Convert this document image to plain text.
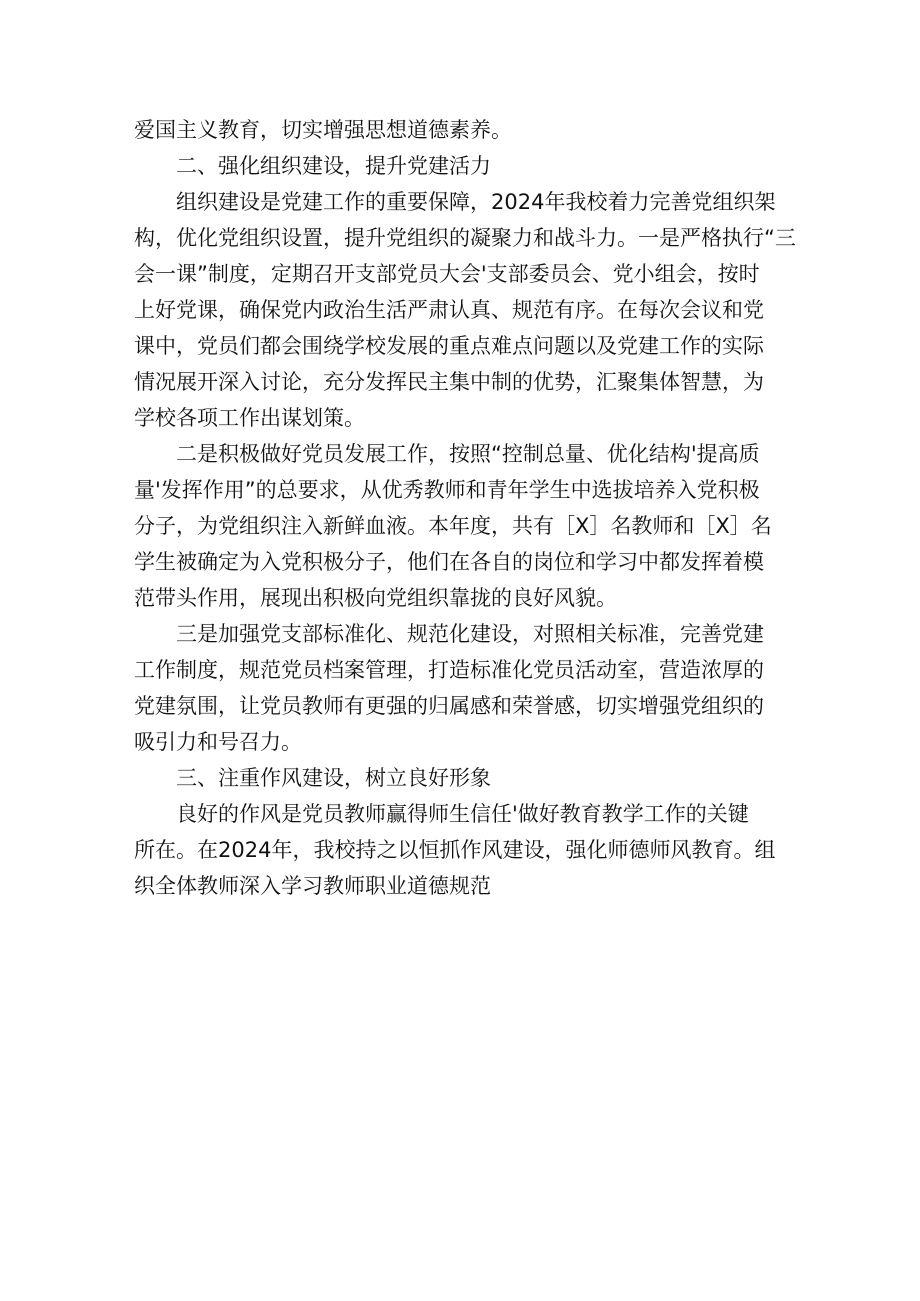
爱国主义教育，切实增强思想道德素养。

二、强化组织建设，提升党建活力

组织建设是党建工作的重要保障，2024年我校着力完善党组织架
构，优化党组织设置，提升党组织的凝聚力和战斗力。一是严格执行“三
会一课”制度，定期召开支部党员大会'支部委员会、党小组会，按时
上好党课，确保党内政治生活严肃认真、规范有序。在每次会议和党
课中，党员们都会围绕学校发展的重点难点问题以及党建工作的实际
情况展开深入讨论，充分发挥民主集中制的优势，汇聚集体智慧，为
学校各项工作出谋划策。

二是积极做好党员发展工作，按照“控制总量、优化结构'提高质
量'发挥作用”的总要求，从优秀教师和青年学生中选拔培养入党积极
分子，为党组织注入新鲜血液。本年度，共有［X］名教师和［X］名
学生被确定为入党积极分子，他们在各自的岗位和学习中都发挥着模
范带头作用，展现出积极向党组织靠拢的良好风貌。

三是加强党支部标准化、规范化建设，对照相关标准，完善党建
工作制度，规范党员档案管理，打造标准化党员活动室，营造浓厚的
党建氛围，让党员教师有更强的归属感和荣誉感，切实增强党组织的
吸引力和号召力。

三、注重作风建设，树立良好形象

良好的作风是党员教师赢得师生信任'做好教育教学工作的关键
所在。在2024年，我校持之以恒抓作风建设，强化师德师风教育。组
织全体教师深入学习教师职业道德规范
